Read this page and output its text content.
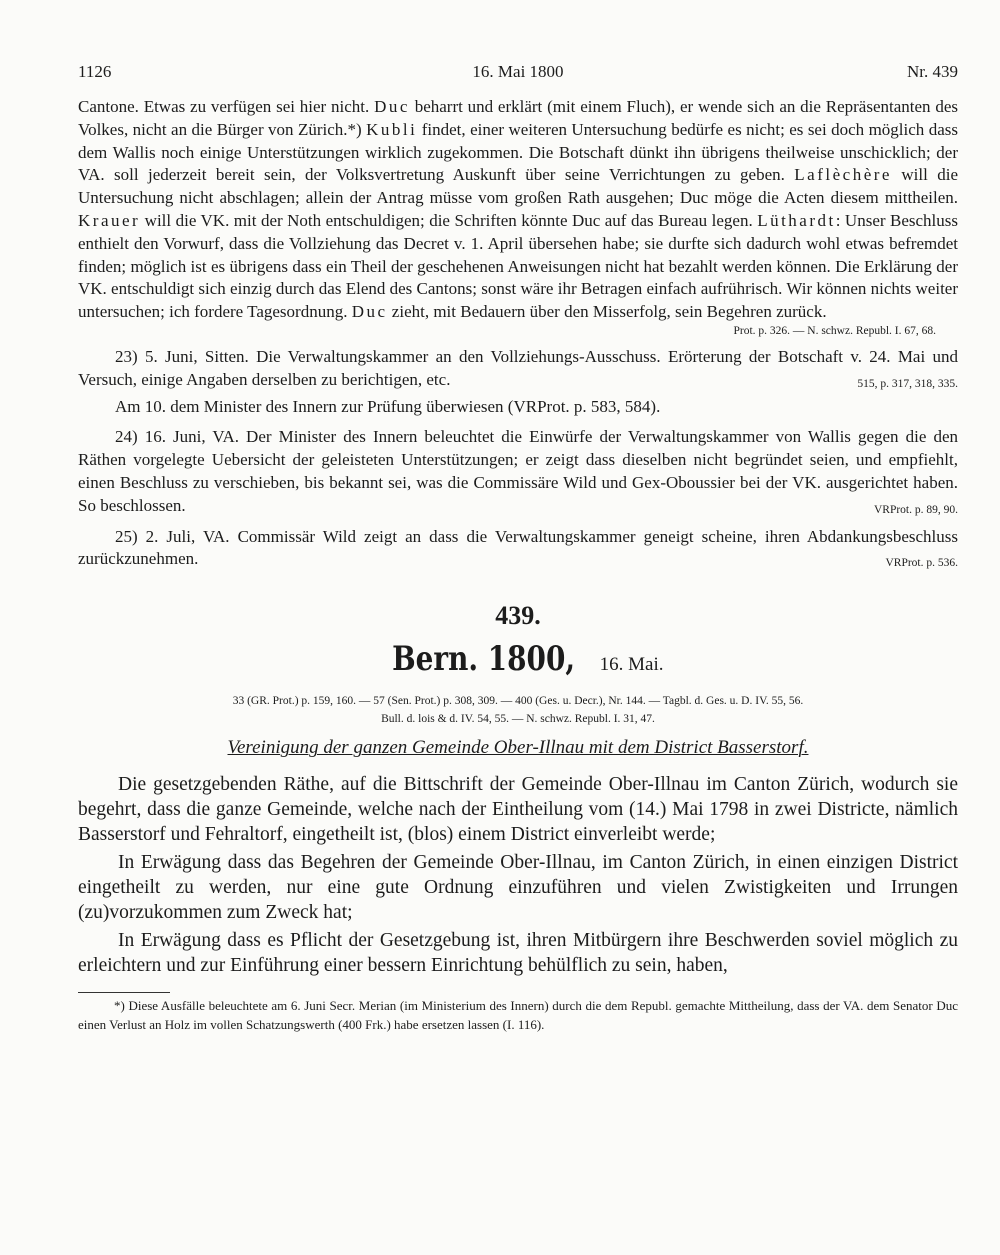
1126	16. Mai 1800	Nr. 439
Cantone. Etwas zu verfügen sei hier nicht. Duc beharrt und erklärt (mit einem Fluch), er wende sich an die Repräsentanten des Volkes, nicht an die Bürger von Zürich.*) Kubli findet, einer weiteren Untersuchung bedürfe es nicht; es sei doch möglich dass dem Wallis noch einige Unterstützungen wirklich zugekommen. Die Botschaft dünkt ihn übrigens theilweise unschicklich; der VA. soll jederzeit bereit sein, der Volksvertretung Auskunft über seine Verrichtungen zu geben. Laflèchère will die Untersuchung nicht abschlagen; allein der Antrag müsse vom großen Rath ausgehen; Duc möge die Acten diesem mittheilen. Krauer will die VK. mit der Noth entschuldigen; die Schriften könnte Duc auf das Bureau legen. Lüthardt: Unser Beschluss enthielt den Vorwurf, dass die Vollziehung das Decret v. 1. April übersehen habe; sie durfte sich dadurch wohl etwas befremdet finden; möglich ist es übrigens dass ein Theil der geschehenen Anweisungen nicht hat bezahlt werden können. Die Erklärung der VK. entschuldigt sich einzig durch das Elend des Cantons; sonst wäre ihr Betragen einfach aufrührisch. Wir können nichts weiter untersuchen; ich fordere Tagesordnung. Duc zieht, mit Bedauern über den Misserfolg, sein Begehren zurück.
Prot. p. 326. — N. schwz. Republ. I. 67, 68.
23) 5. Juni, Sitten. Die Verwaltungskammer an den Vollziehungs-Ausschuss. Erörterung der Botschaft v. 24. Mai und Versuch, einige Angaben derselben zu berichtigen, etc.	515, p. 317, 318, 335.
Am 10. dem Minister des Innern zur Prüfung überwiesen (VRProt. p. 583, 584).
24) 16. Juni, VA. Der Minister des Innern beleuchtet die Einwürfe der Verwaltungskammer von Wallis gegen die den Räthen vorgelegte Uebersicht der geleisteten Unterstützungen; er zeigt dass dieselben nicht begründet seien, und empfiehlt, einen Beschluss zu verschieben, bis bekannt sei, was die Commissäre Wild und Gex-Oboussier bei der VK. ausgerichtet haben. So beschlossen.	VRProt. p. 89, 90.
25) 2. Juli, VA. Commissär Wild zeigt an dass die Verwaltungskammer geneigt scheine, ihren Abdankungsbeschluss zurückzunehmen.	VRProt. p. 536.
439.
Bern. 1800, 16. Mai.
33 (GR. Prot.) p. 159, 160. — 57 (Sen. Prot.) p. 308, 309. — 400 (Ges. u. Decr.), Nr. 144. — Tagbl. d. Ges. u. D. IV. 55, 56.
Bull. d. lois & d. IV. 54, 55. — N. schwz. Republ. I. 31, 47.
Vereinigung der ganzen Gemeinde Ober-Illnau mit dem District Basserstorf.
Die gesetzgebenden Räthe, auf die Bittschrift der Gemeinde Ober-Illnau im Canton Zürich, wodurch sie begehrt, dass die ganze Gemeinde, welche nach der Eintheilung vom (14.) Mai 1798 in zwei Districte, nämlich Basserstorf und Fehraltorf, eingetheilt ist, (blos) einem District einverleibt werde;
In Erwägung dass das Begehren der Gemeinde Ober-Illnau, im Canton Zürich, in einen einzigen District eingetheilt zu werden, nur eine gute Ordnung einzuführen und vielen Zwistigkeiten und Irrungen (zu)vorzukommen zum Zweck hat;
In Erwägung dass es Pflicht der Gesetzgebung ist, ihren Mitbürgern ihre Beschwerden soviel möglich zu erleichtern und zur Einführung einer bessern Einrichtung behülflich zu sein, haben,
*) Diese Ausfälle beleuchtete am 6. Juni Secr. Merian (im Ministerium des Innern) durch die dem Republ. gemachte Mittheilung, dass der VA. dem Senator Duc einen Verlust an Holz im vollen Schatzungswerth (400 Frk.) habe ersetzen lassen (I. 116).
